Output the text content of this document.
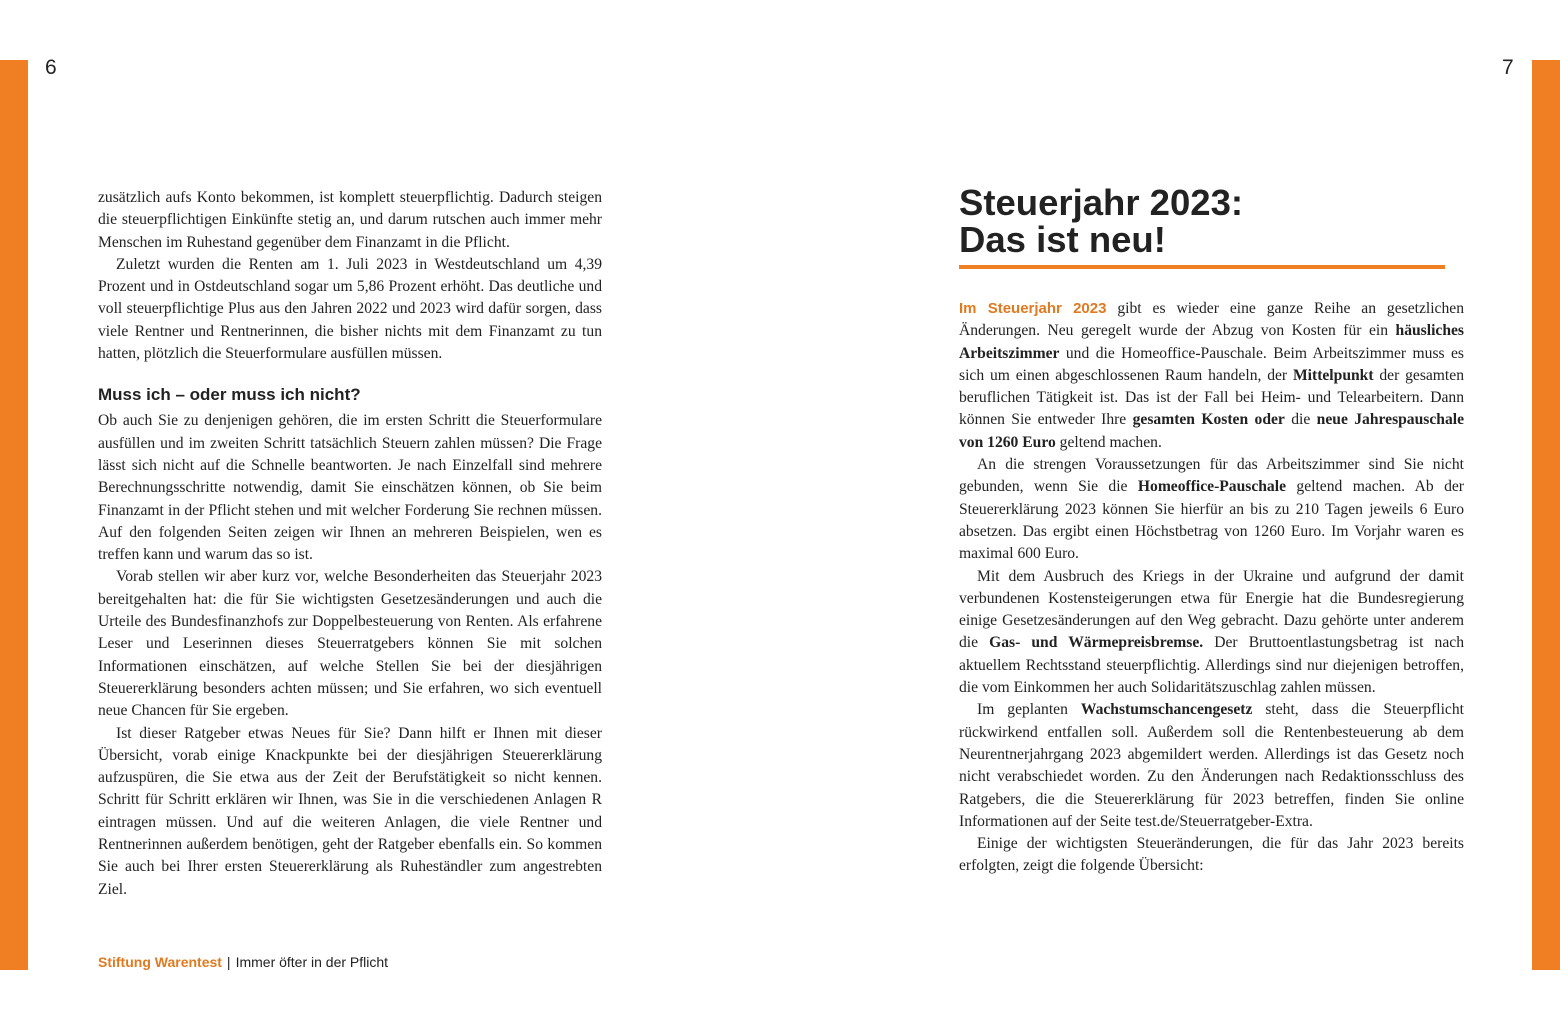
6	7

zusätzlich aufs Konto bekommen, ist komplett steuerpflichtig. Dadurch steigen die steuerpflichtigen Einkünfte stetig an, und darum rutschen auch immer mehr Menschen im Ruhestand gegenüber dem Finanzamt in die Pflicht.

Zuletzt wurden die Renten am 1. Juli 2023 in Westdeutschland um 4,39 Prozent und in Ostdeutschland sogar um 5,86 Prozent erhöht. Das deutliche und voll steuerpflichtige Plus aus den Jahren 2022 und 2023 wird dafür sorgen, dass viele Rentner und Rentnerinnen, die bisher nichts mit dem Finanzamt zu tun hatten, plötzlich die Steuerformulare ausfüllen müssen.

Muss ich – oder muss ich nicht?

Ob auch Sie zu denjenigen gehören, die im ersten Schritt die Steuerformulare ausfüllen und im zweiten Schritt tatsächlich Steuern zahlen müssen? Die Frage lässt sich nicht auf die Schnelle beantworten. Je nach Einzelfall sind mehrere Berechnungsschritte notwendig, damit Sie einschätzen können, ob Sie beim Finanzamt in der Pflicht stehen und mit welcher Forderung Sie rechnen müssen. Auf den folgenden Seiten zeigen wir Ihnen an mehreren Beispielen, wen es treffen kann und warum das so ist.

Vorab stellen wir aber kurz vor, welche Besonderheiten das Steuerjahr 2023 bereitgehalten hat: die für Sie wichtigsten Gesetzesänderungen und auch die Urteile des Bundesfinanzhofs zur Doppelbesteuerung von Renten. Als erfahrene Leser und Leserinnen dieses Steuerratgebers können Sie mit solchen Informationen einschätzen, auf welche Stellen Sie bei der diesjährigen Steuererklärung besonders achten müssen; und Sie erfahren, wo sich eventuell neue Chancen für Sie ergeben.

Ist dieser Ratgeber etwas Neues für Sie? Dann hilft er Ihnen mit dieser Übersicht, vorab einige Knackpunkte bei der diesjährigen Steuererklärung aufzuspüren, die Sie etwa aus der Zeit der Berufstätigkeit so nicht kennen. Schritt für Schritt erklären wir Ihnen, was Sie in die verschiedenen Anlagen R eintragen müssen. Und auf die weiteren Anlagen, die viele Rentner und Rentnerinnen außerdem benötigen, geht der Ratgeber ebenfalls ein. So kommen Sie auch bei Ihrer ersten Steuererklärung als Ruheständler zum angestrebten Ziel.

Stiftung Warentest | Immer öfter in der Pflicht
Steuerjahr 2023:
Das ist neu!

Im Steuerjahr 2023 gibt es wieder eine ganze Reihe an gesetzlichen Änderungen. Neu geregelt wurde der Abzug von Kosten für ein häusliches Arbeitszimmer und die Homeoffice-Pauschale. Beim Arbeitszimmer muss es sich um einen abgeschlossenen Raum handeln, der Mittelpunkt der gesamten beruflichen Tätigkeit ist. Das ist der Fall bei Heim- und Telearbeitern. Dann können Sie entweder Ihre gesamten Kosten oder die neue Jahrespauschale von 1260 Euro geltend machen.

An die strengen Voraussetzungen für das Arbeitszimmer sind Sie nicht gebunden, wenn Sie die Homeoffice-Pauschale geltend machen. Ab der Steuererklärung 2023 können Sie hierfür an bis zu 210 Tagen jeweils 6 Euro absetzen. Das ergibt einen Höchstbetrag von 1260 Euro. Im Vorjahr waren es maximal 600 Euro.

Mit dem Ausbruch des Kriegs in der Ukraine und aufgrund der damit verbundenen Kostensteigerungen etwa für Energie hat die Bundesregierung einige Gesetzesänderungen auf den Weg gebracht. Dazu gehörte unter anderem die Gas- und Wärmepreisbremse. Der Bruttoentlastungsbetrag ist nach aktuellem Rechtsstand steuerpflichtig. Allerdings sind nur diejenigen betroffen, die vom Einkommen her auch Solidaritätszuschlag zahlen müssen.

Im geplanten Wachstumschancengesetz steht, dass die Steuerpflicht rückwirkend entfallen soll. Außerdem soll die Rentenbesteuerung ab dem Neurentnerjahrgang 2023 abgemildert werden. Allerdings ist das Gesetz noch nicht verabschiedet worden. Zu den Änderungen nach Redaktionsschluss des Ratgebers, die die Steuererklärung für 2023 betreffen, finden Sie online Informationen auf der Seite test.de/Steuerratgeber-Extra.

Einige der wichtigsten Steueränderungen, die für das Jahr 2023 bereits erfolgten, zeigt die folgende Übersicht:
